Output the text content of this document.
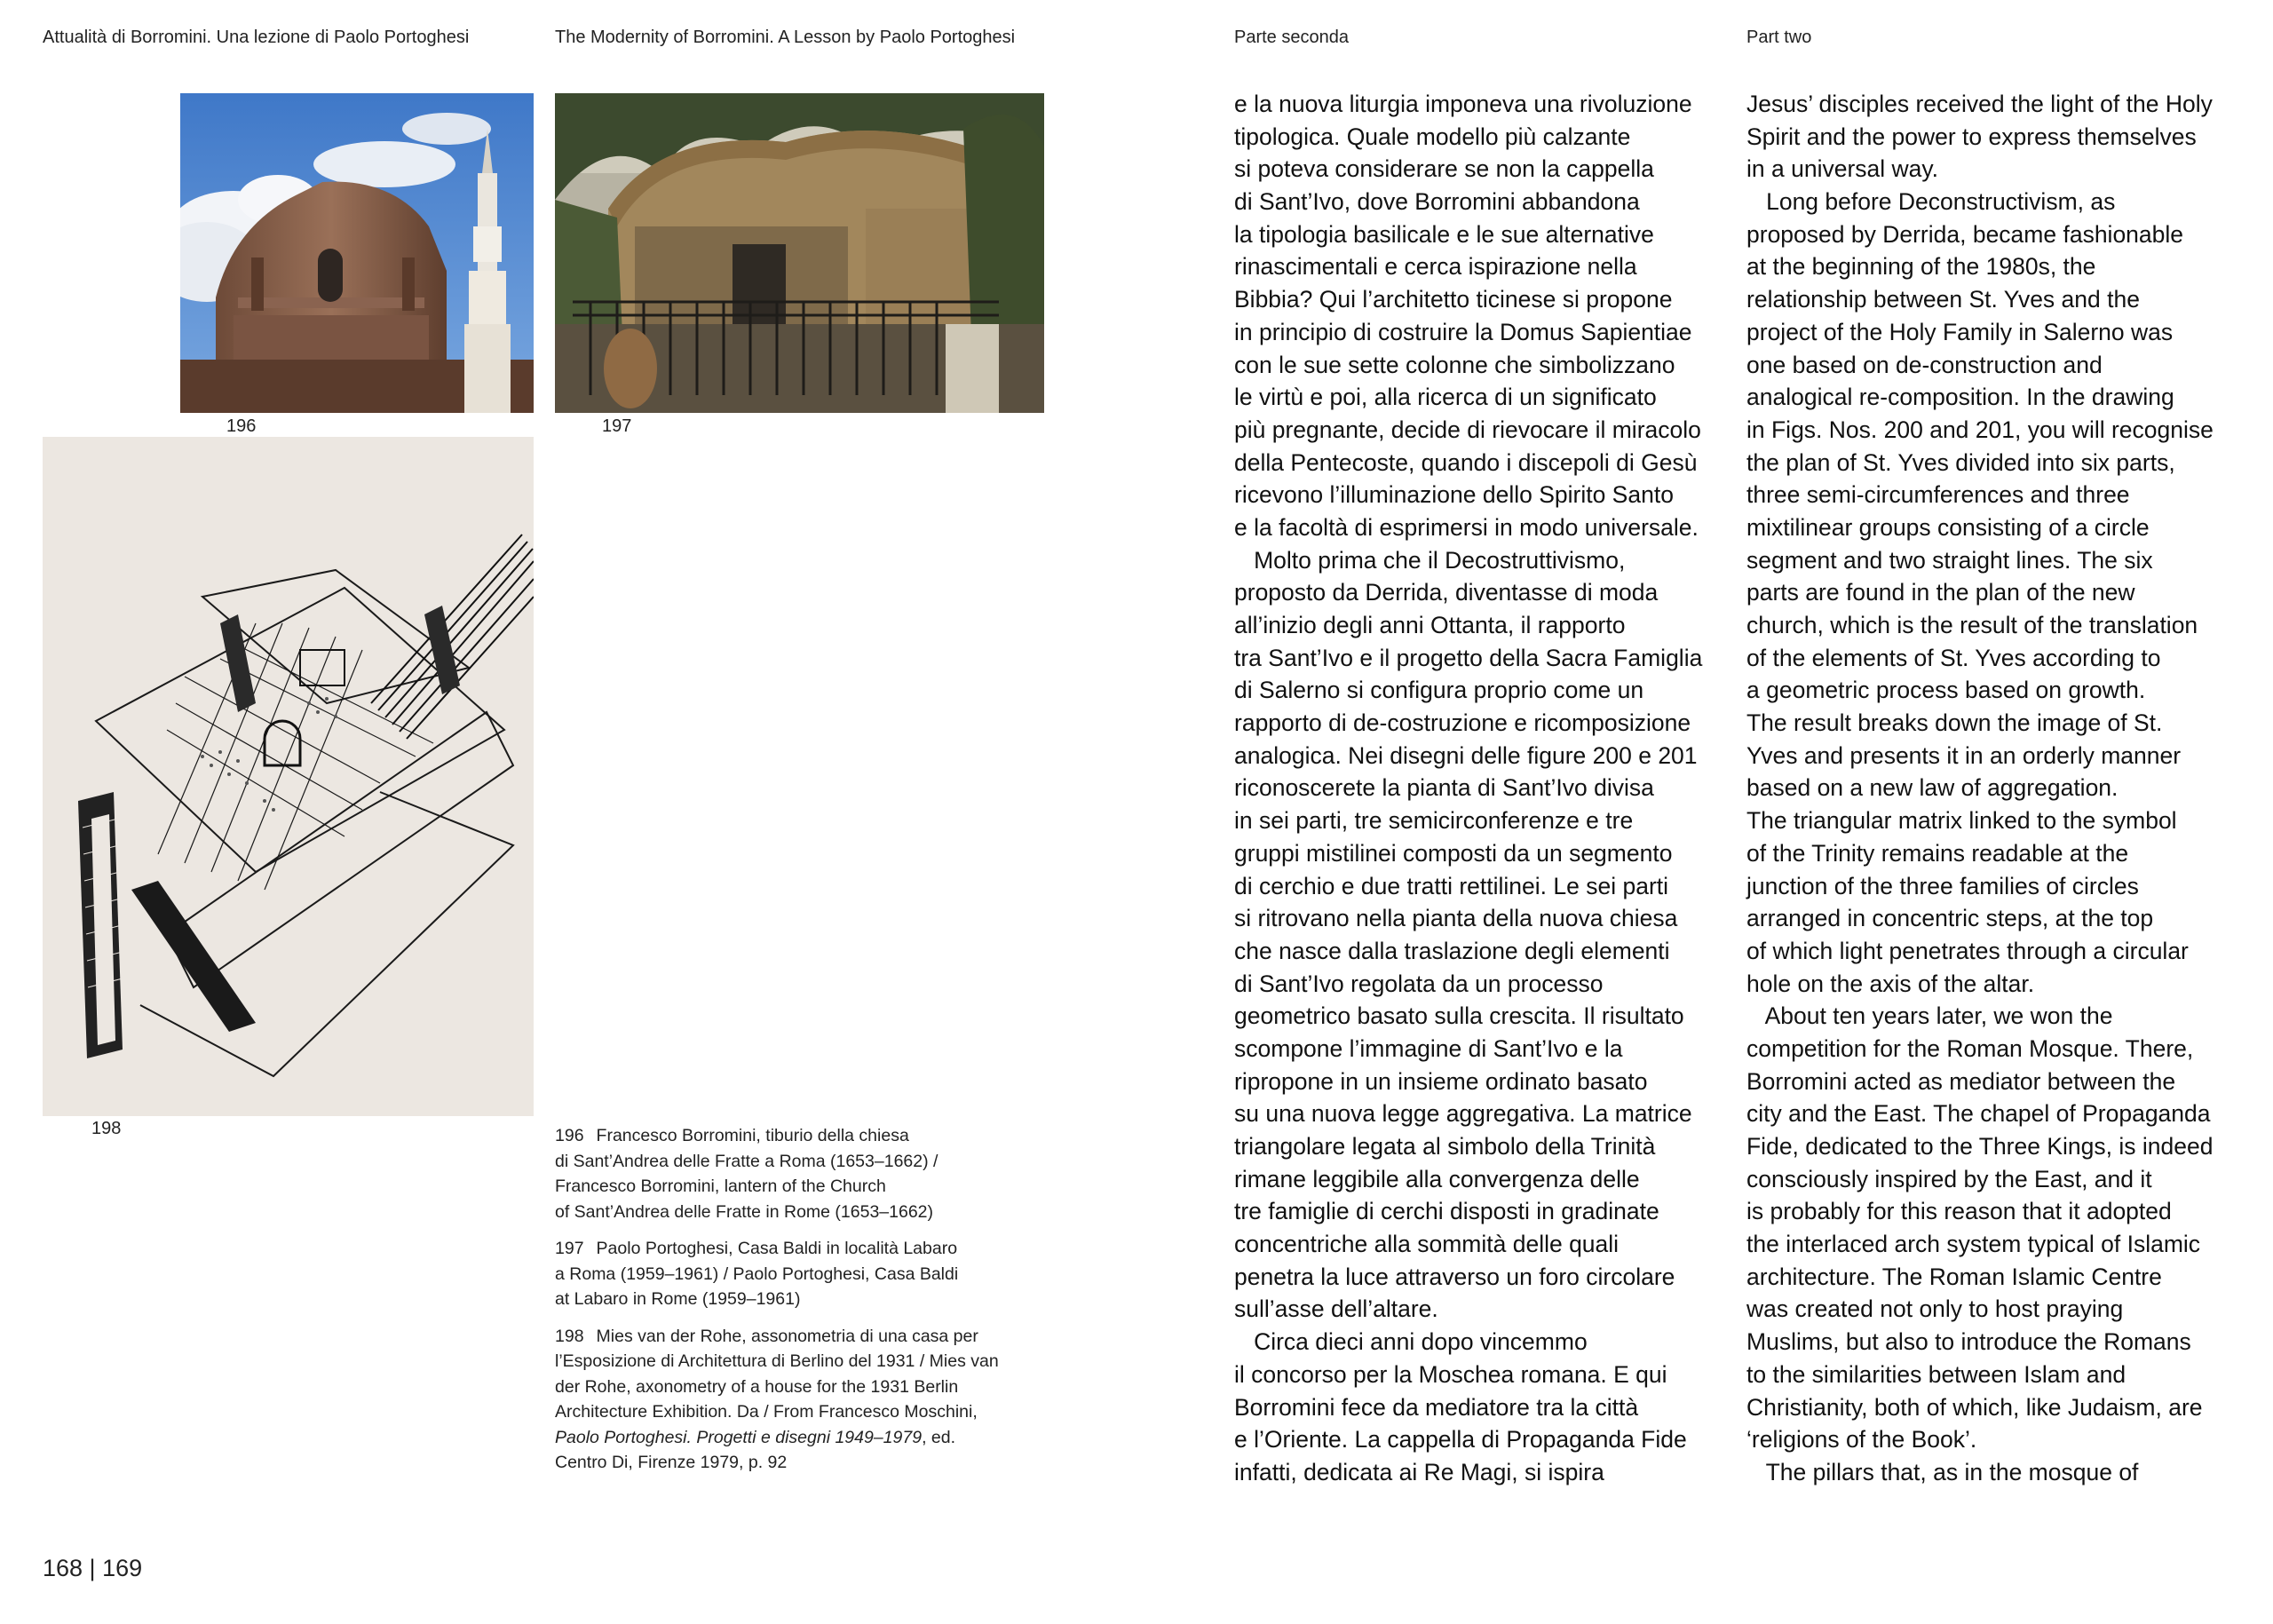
Attualità di Borromini. Una lezione di Paolo Portoghesi	The Modernity of Borromini. A Lesson by Paolo Portoghesi	Parte seconda	Part two
196	197
198	196 Francesco Borromini, tiburio della chiesa
di Sant’Andrea delle Fratte a Roma (1653–1662) /
Francesco Borromini, lantern of the Church
of Sant’Andrea delle Fratte in Rome (1653–1662)
197 Paolo Portoghesi, Casa Baldi in località Labaro
a Roma (1959–1961) / Paolo Portoghesi, Casa Baldi
at Labaro in Rome (1959–1961)
198 Mies van der Rohe, assonometria di una casa per
l’Esposizione di Architettura di Berlino del 1931 / Mies van
der Rohe, axonometry of a house for the 1931 Berlin
Architecture Exhibition. Da / From Francesco Moschini,
Paolo Portoghesi. Progetti e disegni 1949–1979, ed.
Centro Di, Firenze 1979, p. 92
e la nuova liturgia imponeva una rivoluzione
tipologica. Quale modello più calzante
si poteva considerare se non la cappella
di Sant’Ivo, dove Borromini abbandona
la tipologia basilicale e le sue alternative
rinascimentali e cerca ispirazione nella
Bibbia? Qui l’architetto ticinese si propone
in principio di costruire la Domus Sapientiae
con le sue sette colonne che simbolizzano
le virtù e poi, alla ricerca di un significato
più pregnante, decide di rievocare il miracolo
della Pentecoste, quando i discepoli di Gesù
ricevono l’illuminazione dello Spirito Santo
e la facoltà di esprimersi in modo universale.
Molto prima che il Decostruttivismo,
proposto da Derrida, diventasse di moda
all’inizio degli anni Ottanta, il rapporto
tra Sant’Ivo e il progetto della Sacra Famiglia
di Salerno si configura proprio come un
rapporto di de-costruzione e ricomposizione
analogica. Nei disegni delle figure 200 e 201
riconoscerete la pianta di Sant’Ivo divisa
in sei parti, tre semicirconferenze e tre
gruppi mistilinei composti da un segmento
di cerchio e due tratti rettilinei. Le sei parti
si ritrovano nella pianta della nuova chiesa
che nasce dalla traslazione degli elementi
di Sant’Ivo regolata da un processo
geometrico basato sulla crescita. Il risultato
scompone l’immagine di Sant’Ivo e la
ripropone in un insieme ordinato basato
su una nuova legge aggregativa. La matrice
triangolare legata al simbolo della Trinità
rimane leggibile alla convergenza delle
tre famiglie di cerchi disposti in gradinate
concentriche alla sommità delle quali
penetra la luce attraverso un foro circolare
sull’asse dell’altare.
Circa dieci anni dopo vincemmo
il concorso per la Moschea romana. E qui
Borromini fece da mediatore tra la città
e l’Oriente. La cappella di Propaganda Fide
infatti, dedicata ai Re Magi, si ispira
Jesus’ disciples received the light of the Holy
Spirit and the power to express themselves
in a universal way.
Long before Deconstructivism, as
proposed by Derrida, became fashionable
at the beginning of the 1980s, the
relationship between St. Yves and the
project of the Holy Family in Salerno was
one based on de-construction and
analogical re-composition. In the drawing
in Figs. Nos. 200 and 201, you will recognise
the plan of St. Yves divided into six parts,
three semi-circumferences and three
mixtilinear groups consisting of a circle
segment and two straight lines. The six
parts are found in the plan of the new
church, which is the result of the translation
of the elements of St. Yves according to
a geometric process based on growth.
The result breaks down the image of St.
Yves and presents it in an orderly manner
based on a new law of aggregation.
The triangular matrix linked to the symbol
of the Trinity remains readable at the
junction of the three families of circles
arranged in concentric steps, at the top
of which light penetrates through a circular
hole on the axis of the altar.
About ten years later, we won the
competition for the Roman Mosque. There,
Borromini acted as mediator between the
city and the East. The chapel of Propaganda
Fide, dedicated to the Three Kings, is indeed
consciously inspired by the East, and it
is probably for this reason that it adopted
the interlaced arch system typical of Islamic
architecture. The Roman Islamic Centre
was created not only to host praying
Muslims, but also to introduce the Romans
to the similarities between Islam and
Christianity, both of which, like Judaism, are
‘religions of the Book’.
The pillars that, as in the mosque of
168 | 169
